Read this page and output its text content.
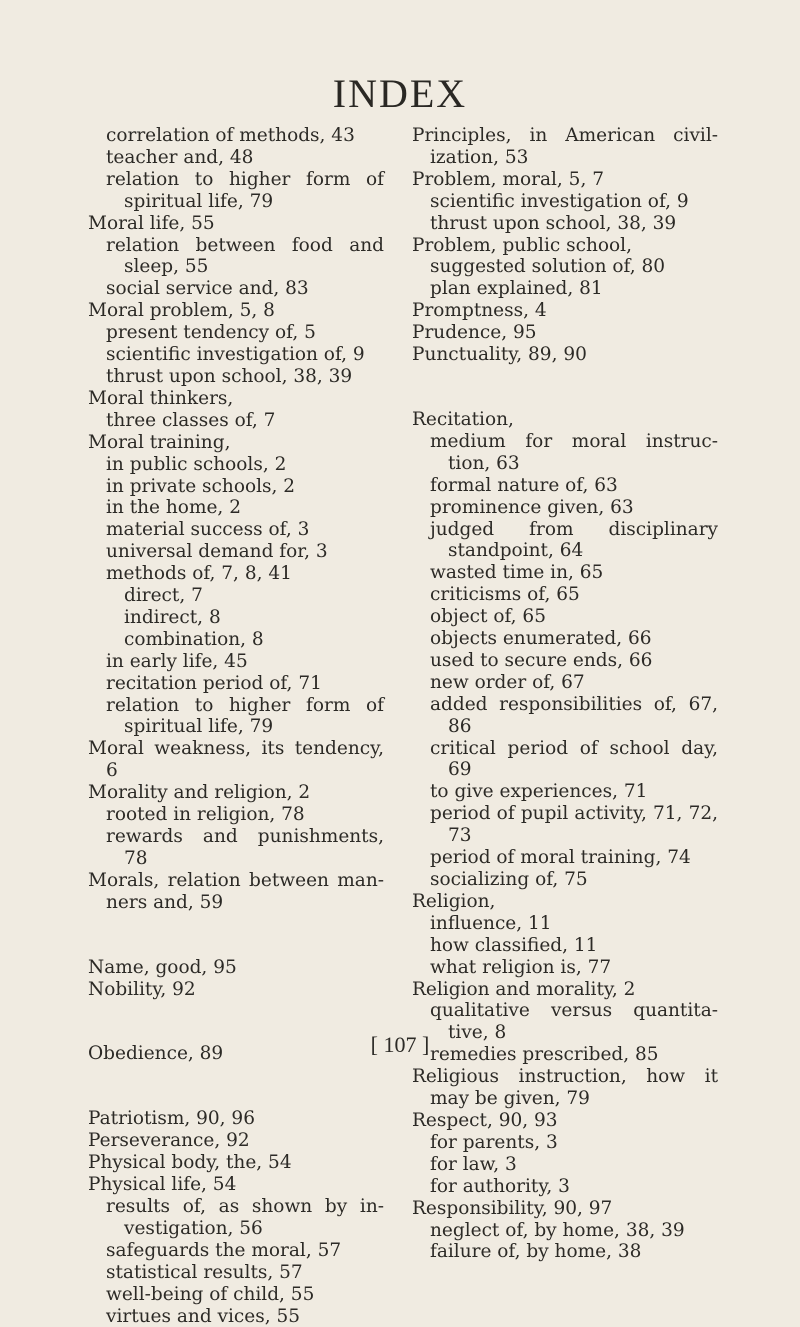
INDEX
correlation of methods, 43
teacher and, 48
relation to higher form of spiritual life, 79
Moral life, 55
relation between food and sleep, 55
social service and, 83
Moral problem, 5, 8
present tendency of, 5
scientific investigation of, 9
thrust upon school, 38, 39
Moral thinkers,
three classes of, 7
Moral training,
in public schools, 2
in private schools, 2
in the home, 2
material success of, 3
universal demand for, 3
methods of, 7, 8, 41
direct, 7
indirect, 8
combination, 8
in early life, 45
recitation period of, 71
relation to higher form of spiritual life, 79
Moral weakness, its tendency, 6
Morality and religion, 2
rooted in religion, 78
rewards and punishments, 78
Morals, relation between man-ners and, 59
Name, good, 95
Nobility, 92
Obedience, 89
Patriotism, 90, 96
Perseverance, 92
Physical body, the, 54
Physical life, 54
results of, as shown by in-vestigation, 56
safeguards the moral, 57
statistical results, 57
well-being of child, 55
virtues and vices, 55
Principles, in American civil-ization, 53
Problem, moral, 5, 7
scientific investigation of, 9
thrust upon school, 38, 39
Problem, public school,
suggested solution of, 80
plan explained, 81
Promptness, 4
Prudence, 95
Punctuality, 89, 90
Recitation,
medium for moral instruc-tion, 63
formal nature of, 63
prominence given, 63
judged from disciplinary standpoint, 64
wasted time in, 65
criticisms of, 65
object of, 65
objects enumerated, 66
used to secure ends, 66
new order of, 67
added responsibilities of, 67, 86
critical period of school day, 69
to give experiences, 71
period of pupil activity, 71, 72, 73
period of moral training, 74
socializing of, 75
Religion,
influence, 11
how classified, 11
what religion is, 77
Religion and morality, 2
qualitative versus quantita-tive, 8
remedies prescribed, 85
Religious instruction, how it may be given, 79
Respect, 90, 93
for parents, 3
for law, 3
for authority, 3
Responsibility, 90, 97
neglect of, by home, 38, 39
failure of, by home, 38
[ 107 ]
